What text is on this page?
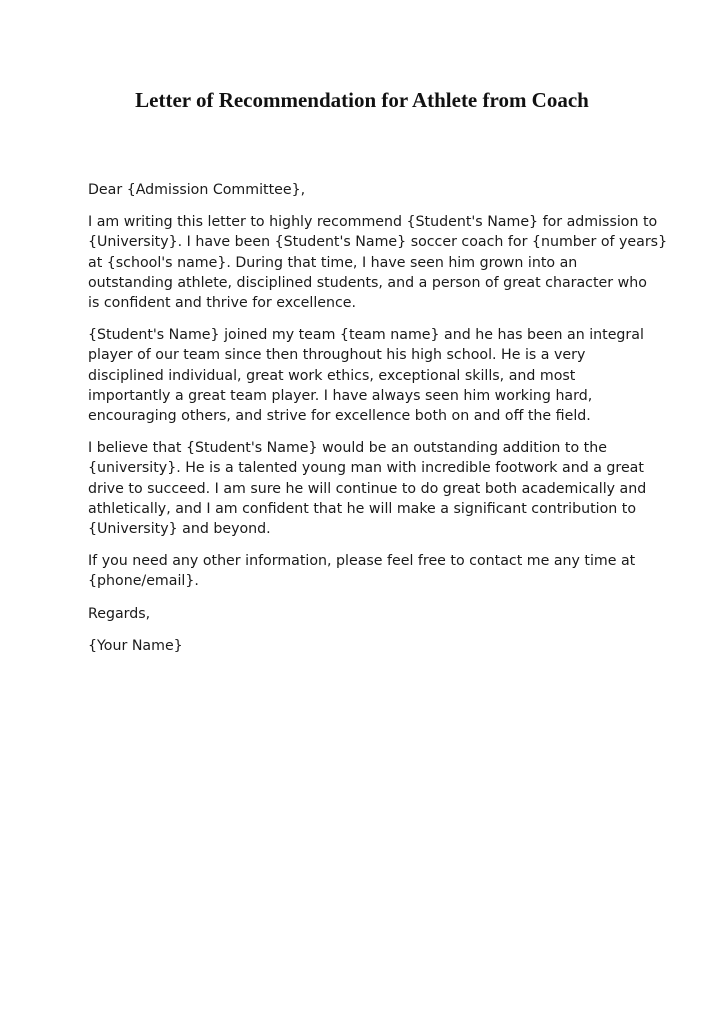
Letter of Recommendation for Athlete from Coach

Dear {Admission Committee},

I am writing this letter to highly recommend {Student's Name} for admission to
{University}. I have been {Student's Name} soccer coach for {number of years}
at {school's name}. During that time, I have seen him grown into an
outstanding athlete, disciplined students, and a person of great character who
is confident and thrive for excellence.

{Student's Name} joined my team {team name} and he has been an integral
player of our team since then throughout his high school. He is a very
disciplined individual, great work ethics, exceptional skills, and most
importantly a great team player. I have always seen him working hard,
encouraging others, and strive for excellence both on and off the field.

I believe that {Student's Name} would be an outstanding addition to the
{university}. He is a talented young man with incredible footwork and a great
drive to succeed. I am sure he will continue to do great both academically and
athletically, and I am confident that he will make a significant contribution to
{University} and beyond.

If you need any other information, please feel free to contact me any time at
{phone/email}.

Regards,

{Your Name}
